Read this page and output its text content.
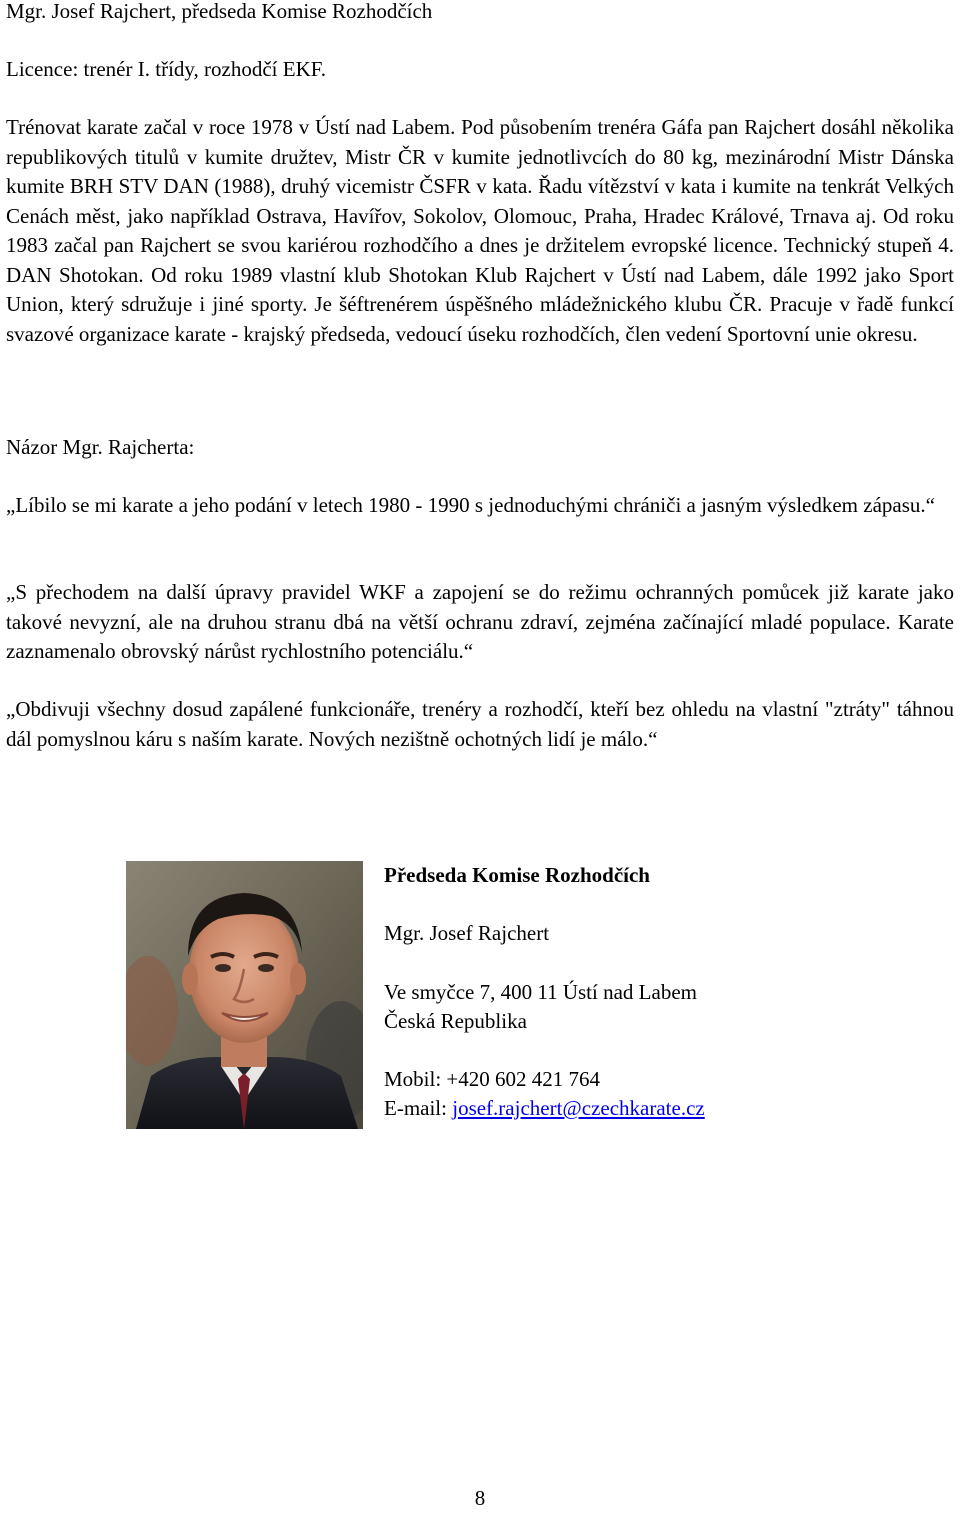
Mgr. Josef Rajchert, předseda Komise Rozhodčích

Licence: trenér I. třídy, rozhodčí EKF.

Trénovat karate začal v roce 1978 v Ústí nad Labem. Pod působením trenéra Gáfa pan Rajchert dosáhl několika republikových titulů v kumite družtev, Mistr ČR v kumite jednotlivcích do 80 kg, mezinárodní Mistr Dánska kumite BRH STV DAN (1988), druhý vicemistr ČSFR v kata. Řadu vítězství v kata i kumite na tenkrát Velkých Cenách měst, jako například Ostrava, Havířov, Sokolov, Olomouc, Praha, Hradec Králové, Trnava aj. Od roku 1983 začal pan Rajchert se svou kariérou rozhodčího a dnes je držitelem evropské licence. Technický stupeň 4. DAN Shotokan. Od roku 1989 vlastní klub Shotokan Klub Rajchert v Ústí nad Labem, dále 1992 jako Sport Union, který sdružuje i jiné sporty. Je šéftrenérem úspěšného mládežnického klubu ČR. Pracuje v řadě funkcí svazové organizace karate - krajský předseda, vedoucí úseku rozhodčích, člen vedení Sportovní unie okresu.

Názor Mgr. Rajcherta:

„Líbilo se mi karate a jeho podání v letech 1980 - 1990 s jednoduchými chrániči a jasným výsledkem zápasu.“

„S přechodem na další úpravy pravidel WKF a zapojení se do režimu ochranných pomůcek již karate jako takové nevyzní, ale na druhou stranu dbá na větší ochranu zdraví, zejména začínající mladé populace. Karate zaznamenalo obrovský nárůst rychlostního potenciálu.“

„Obdivuji všechny dosud zapálené funkcionáře, trenéry a rozhodčí, kteří bez ohledu na vlastní "ztráty" táhnou dál pomyslnou káru s naším karate. Nových nezištně ochotných lidí je málo.“

Předseda Komise Rozhodčích

Mgr. Josef Rajchert

Ve smyčce 7, 400 11 Ústí nad Labem

Česká Republika

Mobil: +420 602 421 764

E-mail: josef.rajchert@czechkarate.cz

8
